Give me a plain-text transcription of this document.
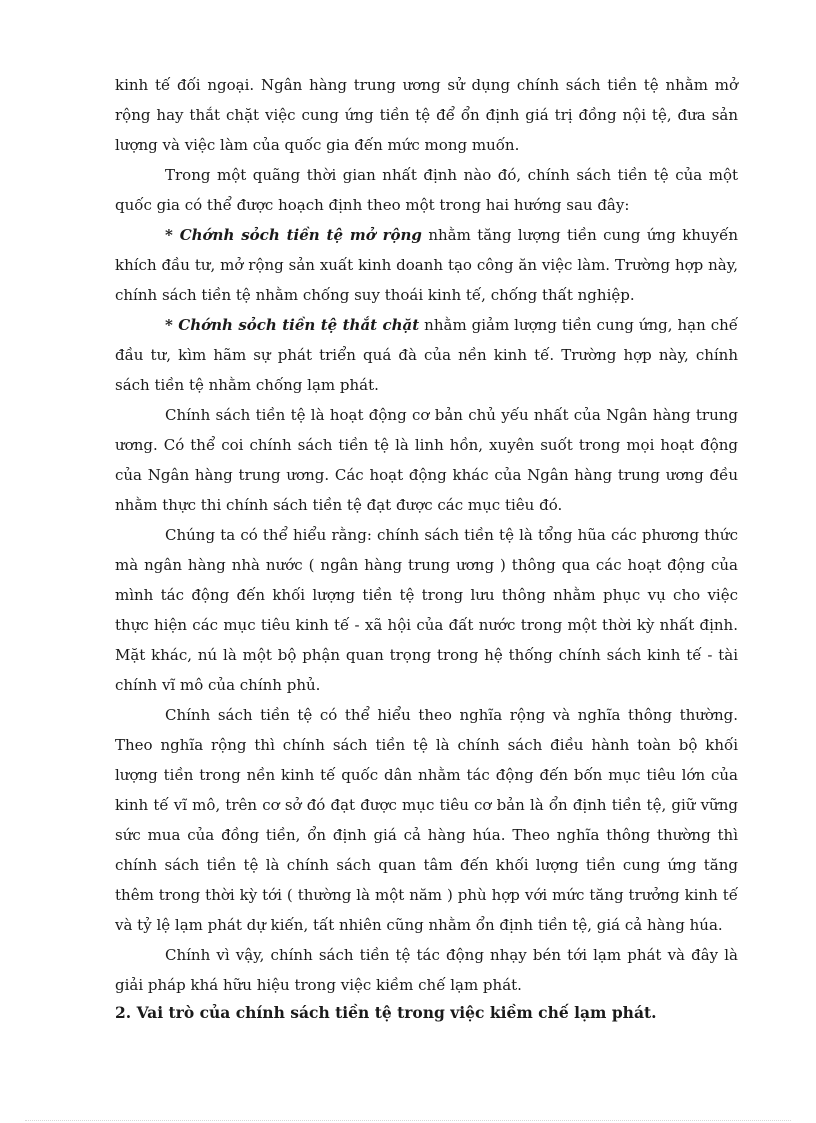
kinh tế đối ngoại. Ngân hàng trung ương sử dụng chính sách tiền tệ nhằm mở rộng hay thắt chặt việc cung ứng tiền tệ để ổn định giá trị đồng nội tệ, đưa sản lượng và việc làm của quốc gia đến mức mong muốn.

Trong một quãng thời gian nhất định nào đó, chính sách tiền tệ của một quốc gia có thể được hoạch định theo một trong hai hướng sau đây:

* Chớnh sỏch tiền tệ mở rộng nhằm tăng lượng tiền cung ứng khuyến khích đầu tư, mở rộng sản xuất kinh doanh tạo công ăn việc làm. Trường hợp này, chính sách tiền tệ nhằm chống suy thoái kinh tế, chống thất nghiệp.

* Chớnh sỏch tiền tệ thắt chặt nhằm giảm lượng tiền cung ứng, hạn chế đầu tư, kìm hãm sự phát triển quá đà của nền kinh tế. Trường hợp này, chính sách tiền tệ nhằm chống lạm phát.

Chính sách tiền tệ là hoạt động cơ bản chủ yếu nhất của Ngân hàng trung ương. Có thể coi chính sách tiền tệ là linh hồn, xuyên suốt trong mọi hoạt động của Ngân hàng trung ương. Các hoạt động khác của Ngân hàng trung ương đều nhằm thực thi chính sách tiền tệ đạt được các mục tiêu đó.

Chúng ta có thể hiểu rằng: chính sách tiền tệ là tổng hũa các phương thức mà ngân hàng nhà nước ( ngân hàng trung ương ) thông qua các hoạt động của mình tác động đến khối lượng tiền tệ trong lưu thông nhằm phục vụ cho việc thực hiện các mục tiêu kinh tế - xã hội của đất nước trong một thời kỳ nhất định. Mặt khác, nú là một bộ phận quan trọng trong hệ thống chính sách kinh tế - tài chính vĩ mô của chính phủ.

Chính sách tiền tệ có thể hiểu theo nghĩa rộng và nghĩa thông thường. Theo nghĩa rộng thì chính sách tiền tệ là chính sách điều hành toàn bộ khối lượng tiền trong nền kinh tế quốc dân nhằm tác động đến bốn mục tiêu lớn của kinh tế vĩ mô, trên cơ sở đó đạt được mục tiêu cơ bản là ổn định tiền tệ, giữ vững sức mua của đồng tiền, ổn định giá cả hàng húa. Theo nghĩa thông thường thì chính sách tiền tệ là chính sách quan tâm đến khối lượng tiền cung ứng tăng thêm trong thời kỳ tới ( thường là một năm ) phù hợp với mức tăng trưởng kinh tế và tỷ lệ lạm phát dự kiến, tất nhiên cũng nhằm ổn định tiền tệ, giá cả hàng húa.

Chính vì vậy, chính sách tiền tệ tác động nhạy bén tới lạm phát và đây là giải pháp khá hữu hiệu trong việc kiềm chế lạm phát.

2. Vai trò của chính sách tiền tệ trong việc kiềm chế lạm phát.
